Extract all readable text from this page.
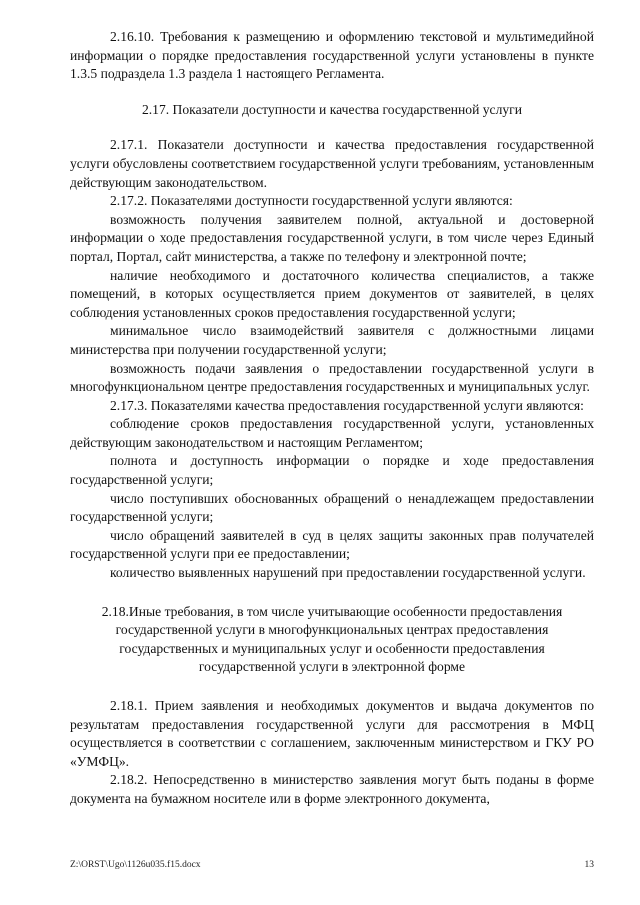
2.16.10. Требования к размещению и оформлению текстовой и мультимедийной информации о порядке предоставления государственной услуги установлены в пункте 1.3.5 подраздела 1.3 раздела 1 настоящего Регламента.

2.17. Показатели доступности и качества государственной услуги

2.17.1. Показатели доступности и качества предоставления государственной услуги обусловлены соответствием государственной услуги требованиям, установленным действующим законодательством.

2.17.2. Показателями доступности государственной услуги являются:

возможность получения заявителем полной, актуальной и достоверной информации о ходе предоставления государственной услуги, в том числе через Единый портал, Портал, сайт министерства, а также по телефону и электронной почте;

наличие необходимого и достаточного количества специалистов, а также помещений, в которых осуществляется прием документов от заявителей, в целях соблюдения установленных сроков предоставления государственной услуги;

минимальное число взаимодействий заявителя с должностными лицами министерства при получении государственной услуги;

возможность подачи заявления о предоставлении государственной услуги в многофункциональном центре предоставления государственных и муниципальных услуг.

2.17.3. Показателями качества предоставления государственной услуги являются:

соблюдение сроков предоставления государственной услуги, установленных действующим законодательством и настоящим Регламентом;

полнота и доступность информации о порядке и ходе предоставления государственной услуги;

число поступивших обоснованных обращений о ненадлежащем предоставлении государственной услуги;

число обращений заявителей в суд в целях защиты законных прав получателей государственной услуги при ее предоставлении;

количество выявленных нарушений при предоставлении государственной услуги.

2.18.Иные требования, в том числе учитывающие особенности предоставления государственной услуги в многофункциональных центрах предоставления государственных и муниципальных услуг и особенности предоставления государственной услуги в электронной форме

2.18.1. Прием заявления и необходимых документов и выдача документов по результатам предоставления государственной услуги для рассмотрения в МФЦ осуществляется в соответствии с соглашением, заключенным министерством и ГКУ РО «УМФЦ».

2.18.2. Непосредственно в министерство заявления могут быть поданы в форме документа на бумажном носителе или в форме электронного документа,

Z:\ORST\Ugo\1126u035.f15.docx	13
